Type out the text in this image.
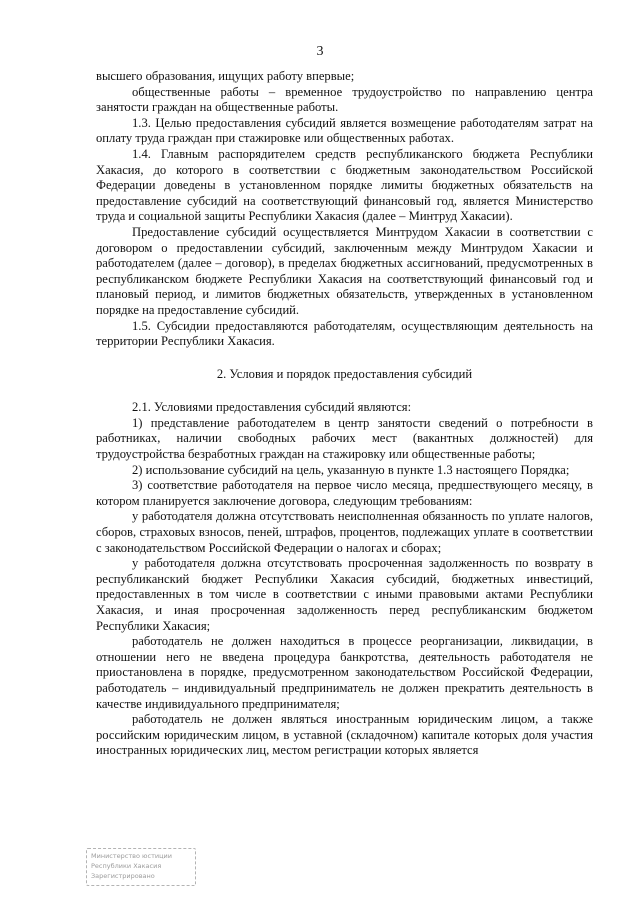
3

высшего образования, ищущих работу впервые;

общественные работы – временное трудоустройство по направлению центра занятости граждан на общественные работы.

1.3. Целью предоставления субсидий является возмещение работодателям затрат на оплату труда граждан при стажировке или общественных работах.

1.4. Главным распорядителем средств республиканского бюджета Республики Хакасия, до которого в соответствии с бюджетным законодательством Российской Федерации доведены в установленном порядке лимиты бюджетных обязательств на предоставление субсидий на соответствующий финансовый год, является Министерство труда и социальной защиты Республики Хакасия (далее – Минтруд Хакасии).

Предоставление субсидий осуществляется Минтрудом Хакасии в соответствии с договором о предоставлении субсидий, заключенным между Минтрудом Хакасии и работодателем (далее – договор), в пределах бюджетных ассигнований, предусмотренных в республиканском бюджете Республики Хакасия на соответствующий финансовый год и плановый период, и лимитов бюджетных обязательств, утвержденных в установленном порядке на предоставление субсидий.

1.5. Субсидии предоставляются работодателям, осуществляющим деятельность на территории Республики Хакасия.

2. Условия и порядок предоставления субсидий

2.1. Условиями предоставления субсидий являются:

1) представление работодателем в центр занятости сведений о потребности в работниках, наличии свободных рабочих мест (вакантных должностей) для трудоустройства безработных граждан на стажировку или общественные работы;

2) использование субсидий на цель, указанную в пункте 1.3 настоящего Порядка;

3) соответствие работодателя на первое число месяца, предшествующего месяцу, в котором планируется заключение договора, следующим требованиям:

у работодателя должна отсутствовать неисполненная обязанность по уплате налогов, сборов, страховых взносов, пеней, штрафов, процентов, подлежащих уплате в соответствии с законодательством Российской Федерации о налогах и сборах;

у работодателя должна отсутствовать просроченная задолженность по возврату в республиканский бюджет Республики Хакасия субсидий, бюджетных инвестиций, предоставленных в том числе в соответствии с иными правовыми актами Республики Хакасия, и иная просроченная задолженность перед республиканским бюджетом Республики Хакасия;

работодатель не должен находиться в процессе реорганизации, ликвидации, в отношении него не введена процедура банкротства, деятельность работодателя не приостановлена в порядке, предусмотренном законодательством Российской Федерации, работодатель – индивидуальный предприниматель не должен прекратить деятельность в качестве индивидуального предпринимателя;

работодатель не должен являться иностранным юридическим лицом, а также российским юридическим лицом, в уставной (складочном) капитале которых доля участия иностранных юридических лиц, местом регистрации которых является

Министерство юстиции
Республики Хакасия
Зарегистрировано
